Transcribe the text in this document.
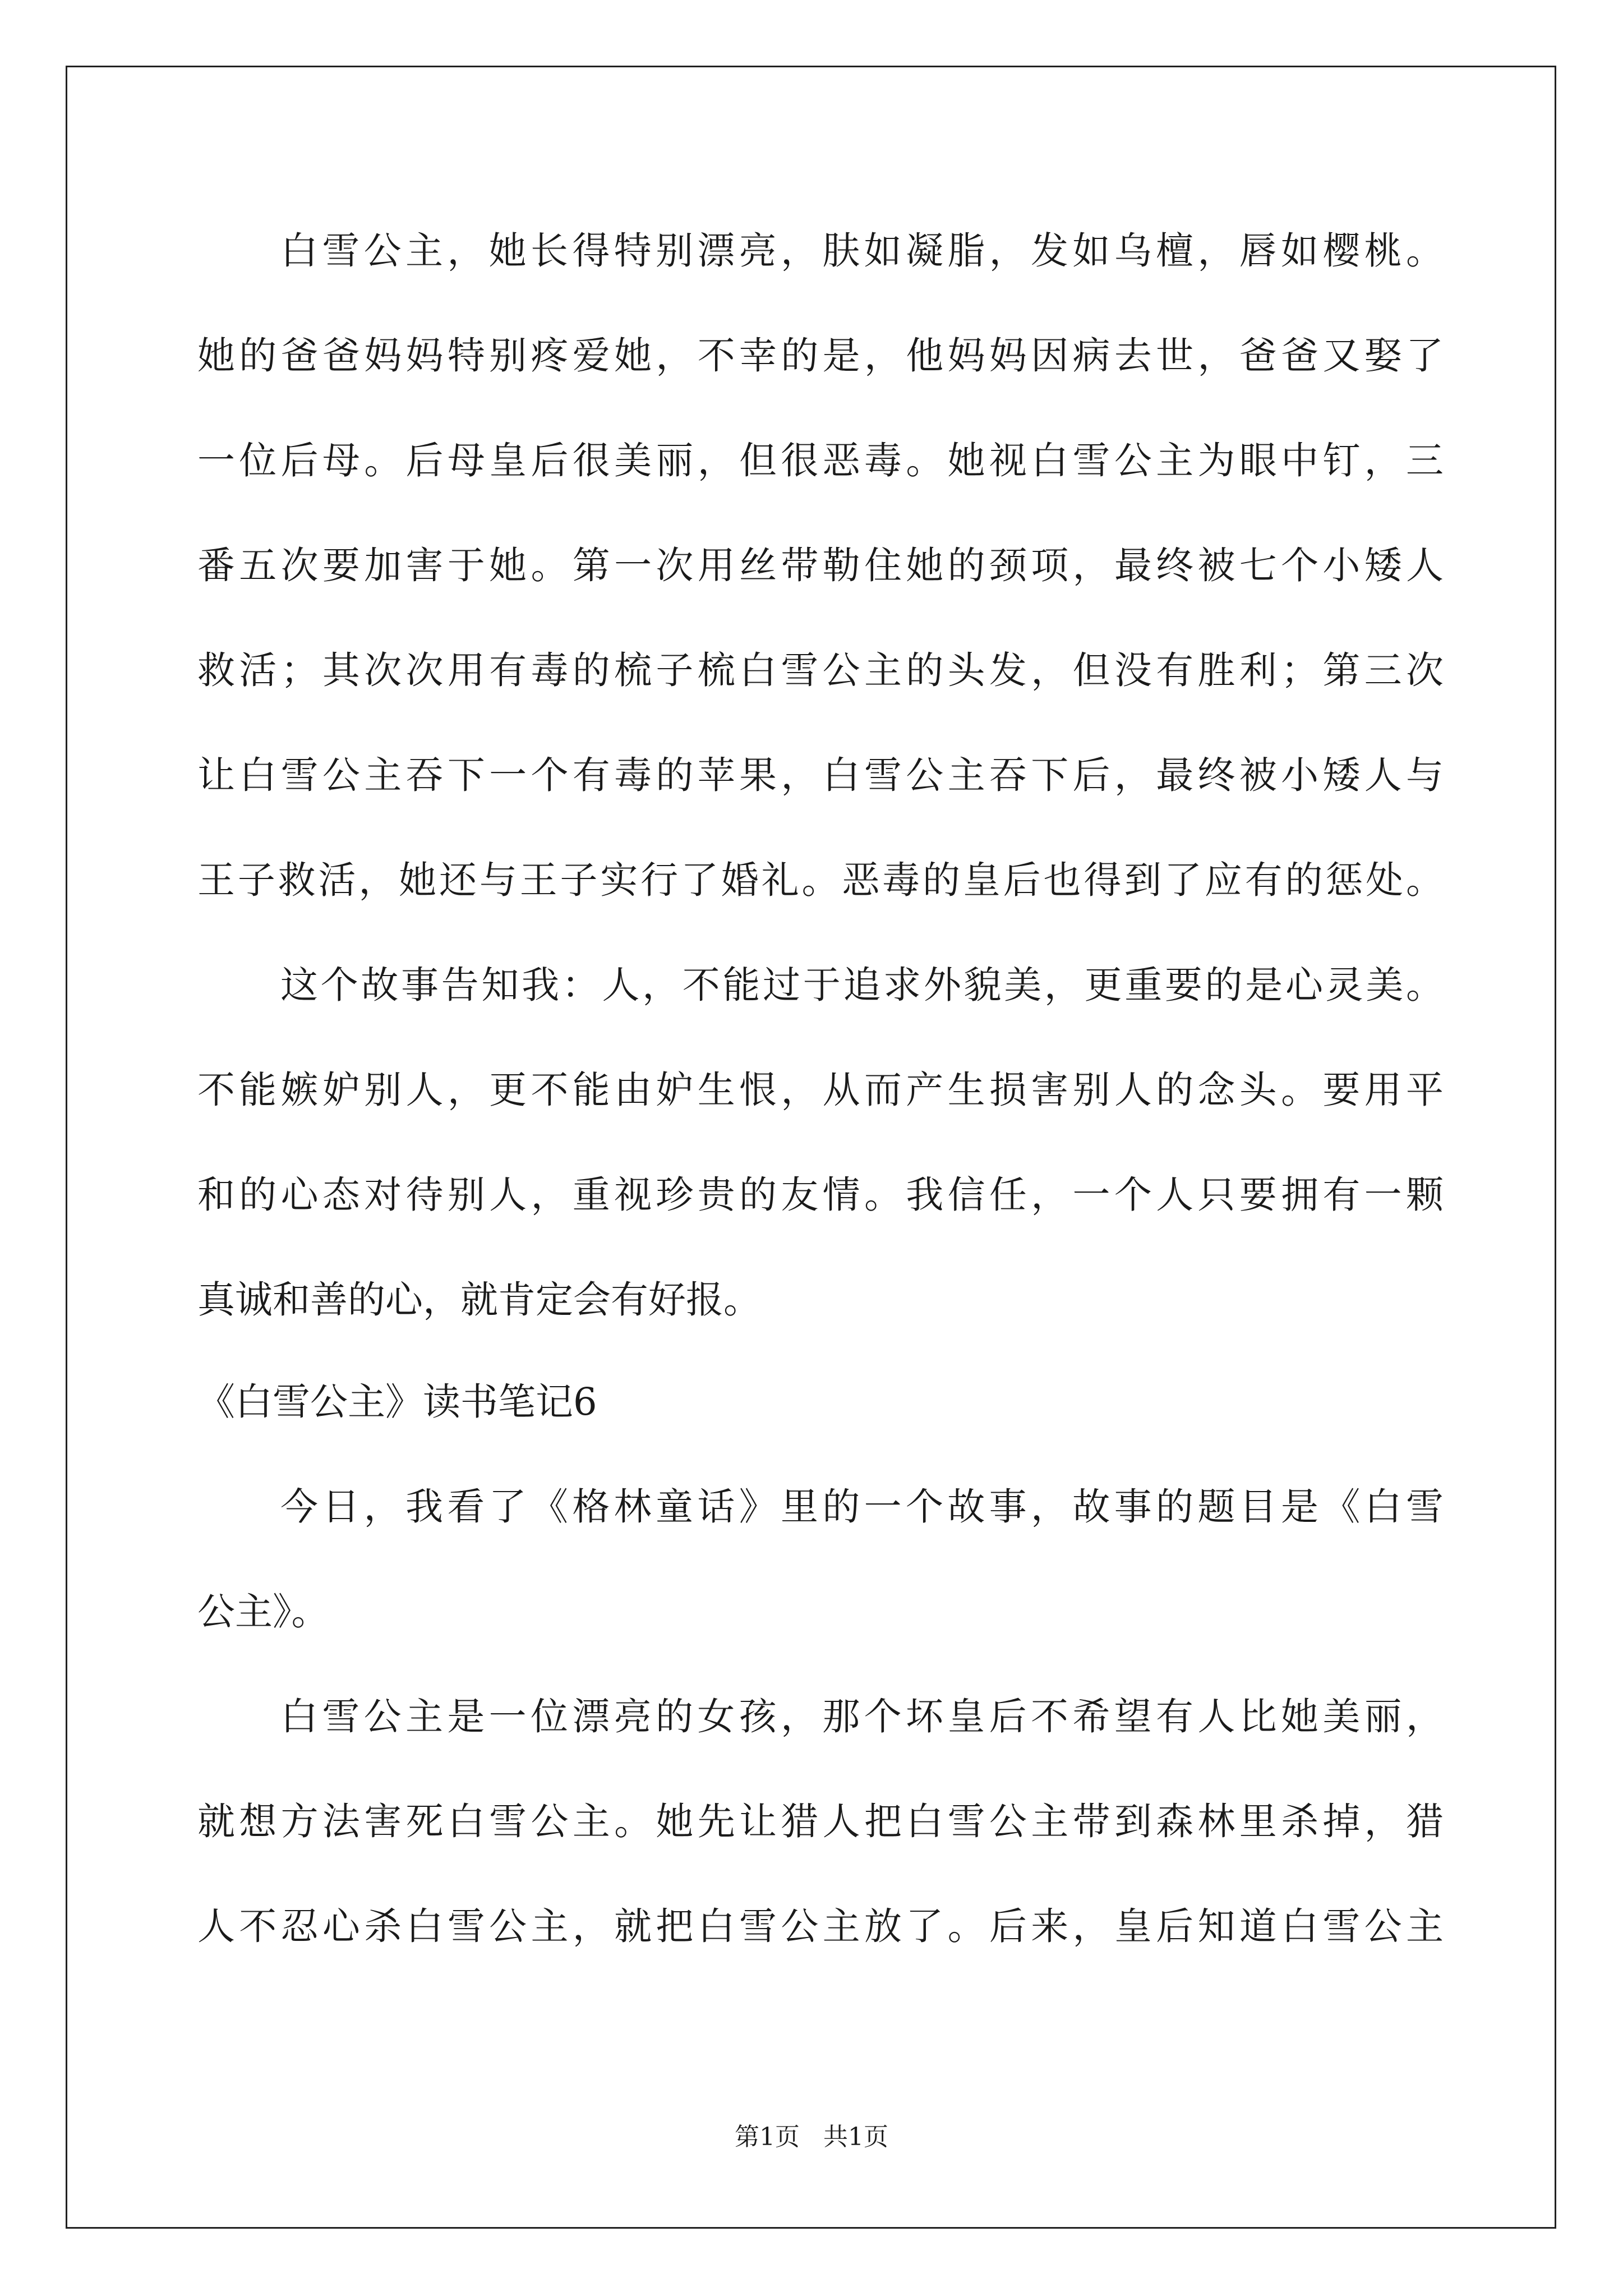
白雪公主，她长得特别漂亮，肤如凝脂，发如乌檀，唇如樱桃。
她的爸爸妈妈特别疼爱她，不幸的是，他妈妈因病去世，爸爸又娶了
一位后母。后母皇后很美丽，但很恶毒。她视白雪公主为眼中钉，三
番五次要加害于她。第一次用丝带勒住她的颈项，最终被七个小矮人
救活；其次次用有毒的梳子梳白雪公主的头发，但没有胜利；第三次
让白雪公主吞下一个有毒的苹果，白雪公主吞下后，最终被小矮人与
王子救活，她还与王子实行了婚礼。恶毒的皇后也得到了应有的惩处。
这个故事告知我：人，不能过于追求外貌美，更重要的是心灵美。
不能嫉妒别人，更不能由妒生恨，从而产生损害别人的念头。要用平
和的心态对待别人，重视珍贵的友情。我信任，一个人只要拥有一颗
真诚和善的心，就肯定会有好报。
《白雪公主》读书笔记6
今日，我看了《格林童话》里的一个故事，故事的题目是《白雪
公主》。
白雪公主是一位漂亮的女孩，那个坏皇后不希望有人比她美丽，
就想方法害死白雪公主。她先让猎人把白雪公主带到森林里杀掉，猎
人不忍心杀白雪公主，就把白雪公主放了。后来，皇后知道白雪公主
第1页   共1页
